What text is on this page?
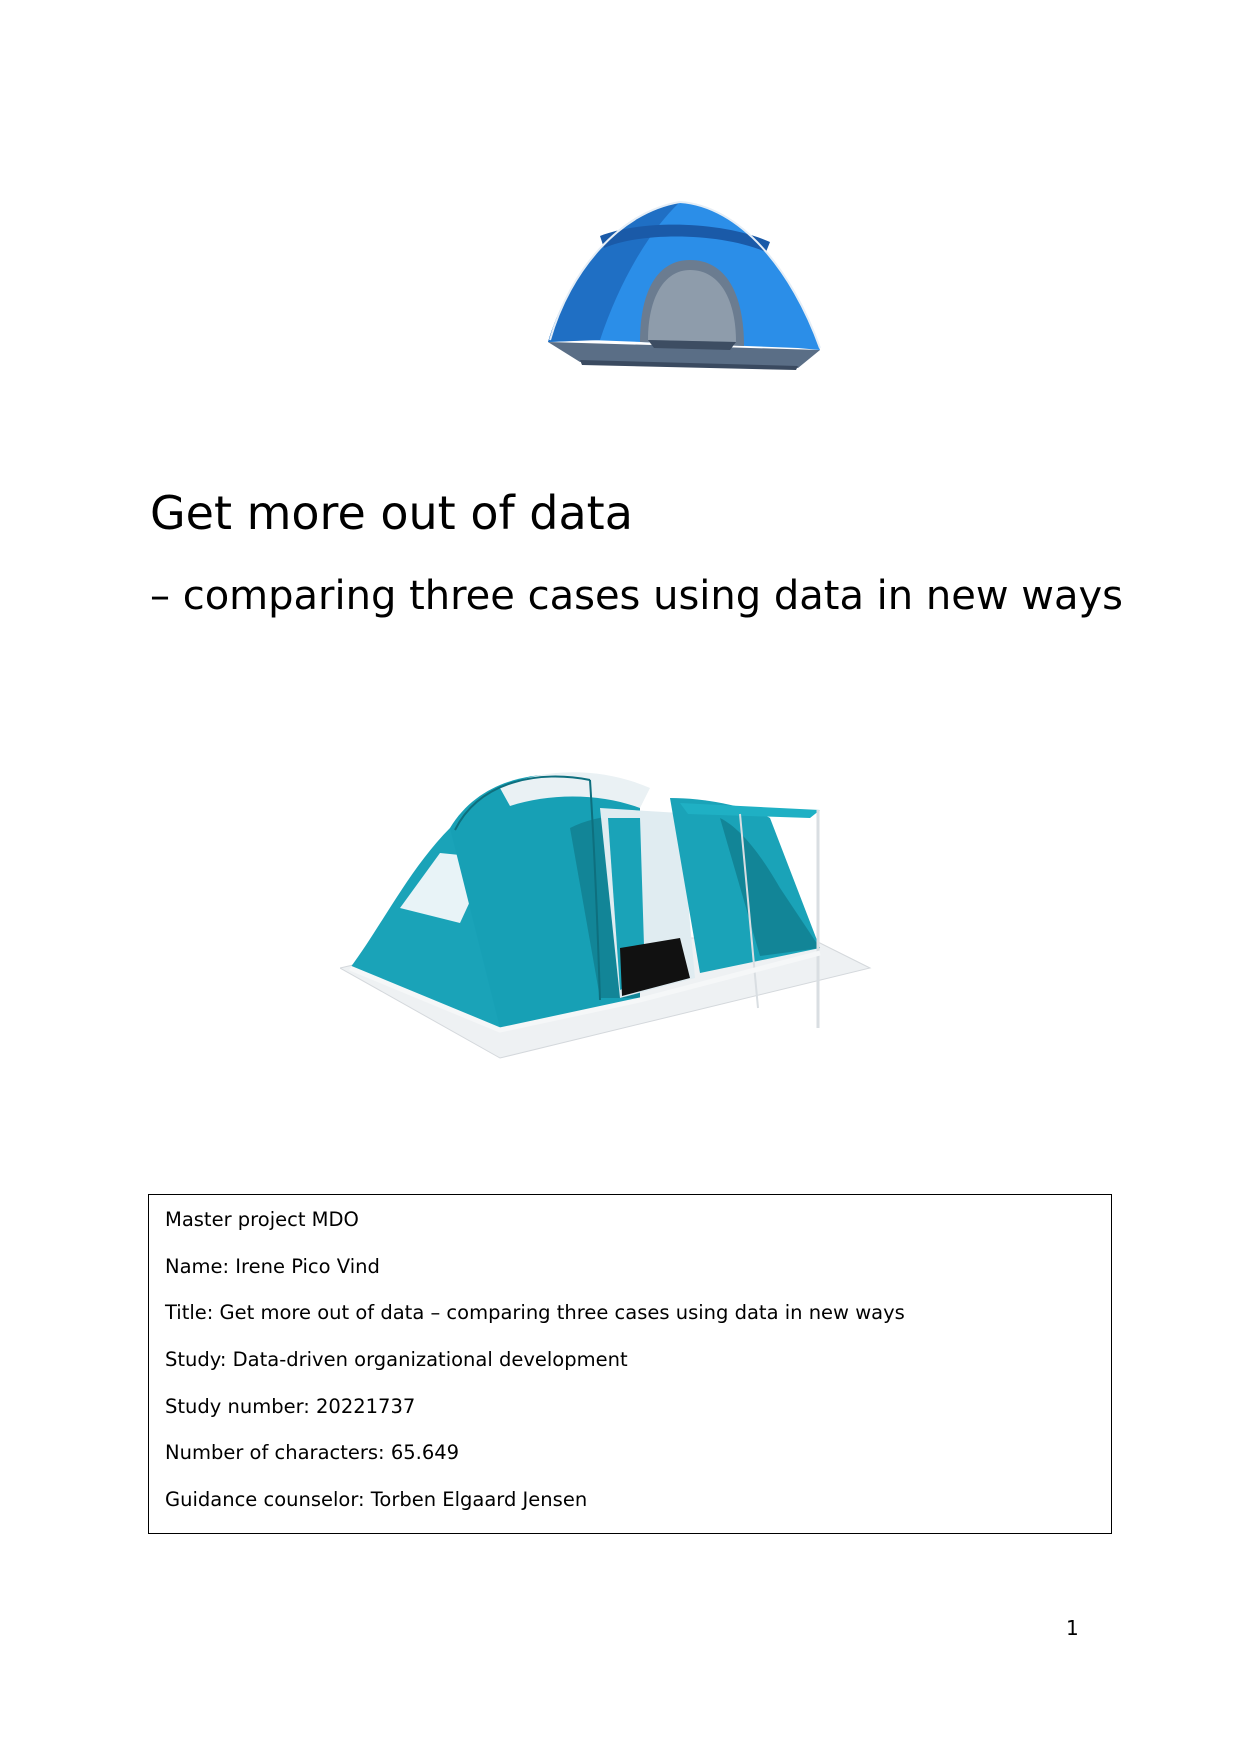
Get more out of data
– comparing three cases using data in new ways

Master project MDO

Name: Irene Pico Vind

Title: Get more out of data – comparing three cases using data in new ways

Study: Data-driven organizational development

Study number: 20221737

Number of characters: 65.649

Guidance counselor: Torben Elgaard Jensen

1
